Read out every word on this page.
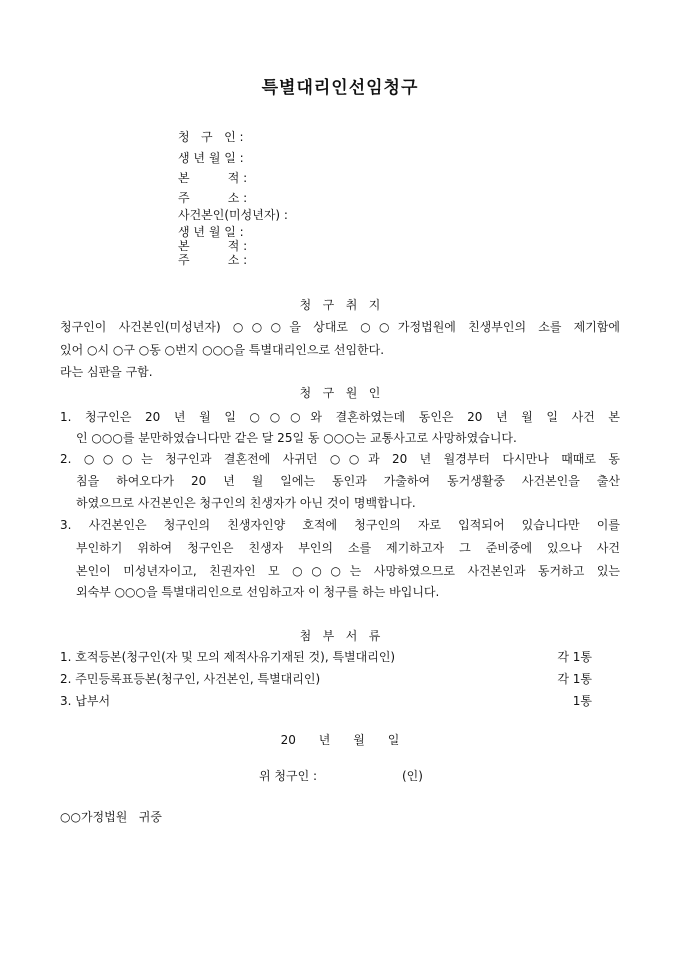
특별대리인선임청구
청   구   인 :
생 년 월 일 :
본          적 :
주          소 :
사건본인(미성년자) :
생 년 월 일 :
본          적 :
주          소 :
청   구   취   지
청구인이 사건본인(미성년자) ○○○을 상대로 ○○가정법원에 친생부인의 소를 제기함에
있어 ○시 ○구 ○동 ○번지 ○○○을 특별대리인으로 선임한다.
라는 심판을 구함.
청   구   원   인
1. 청구인은 20 년 월 일 ○○○와 결혼하였는데 동인은 20 년 월 일 사건 본
인 ○○○를 분만하였습니다만 같은 달 25일 동 ○○○는 교통사고로 사망하였습니다.
2. ○○○는 청구인과 결혼전에 사귀던 ○○과 20 년 월경부터 다시만나 때때로 동
침을 하여오다가 20 년 월 일에는 동인과 가출하여 동거생활중 사건본인을 출산
하였으므로 사건본인은 청구인의 친생자가 아닌 것이 명백합니다.
3. 사건본인은 청구인의 친생자인양 호적에 청구인의 자로 입적되어 있습니다만 이를
부인하기 위하여 청구인은 친생자 부인의 소를 제기하고자 그 준비중에 있으나 사건
본인이 미성년자이고, 친권자인 모 ○○○는 사망하였으므로 사건본인과 동거하고 있는
외숙부 ○○○을 특별대리인으로 선임하고자 이 청구를 하는 바입니다.
첨   부   서   류
1. 호적등본(청구인(자 및 모의 제적사유기재된 것), 특별대리인)	각 1통
2. 주민등록표등본(청구인, 사건본인, 특별대리인)	각 1통
3. 납부서	1통
20      년      월      일
위 청구인 :	(인)
○○가정법원   귀중
